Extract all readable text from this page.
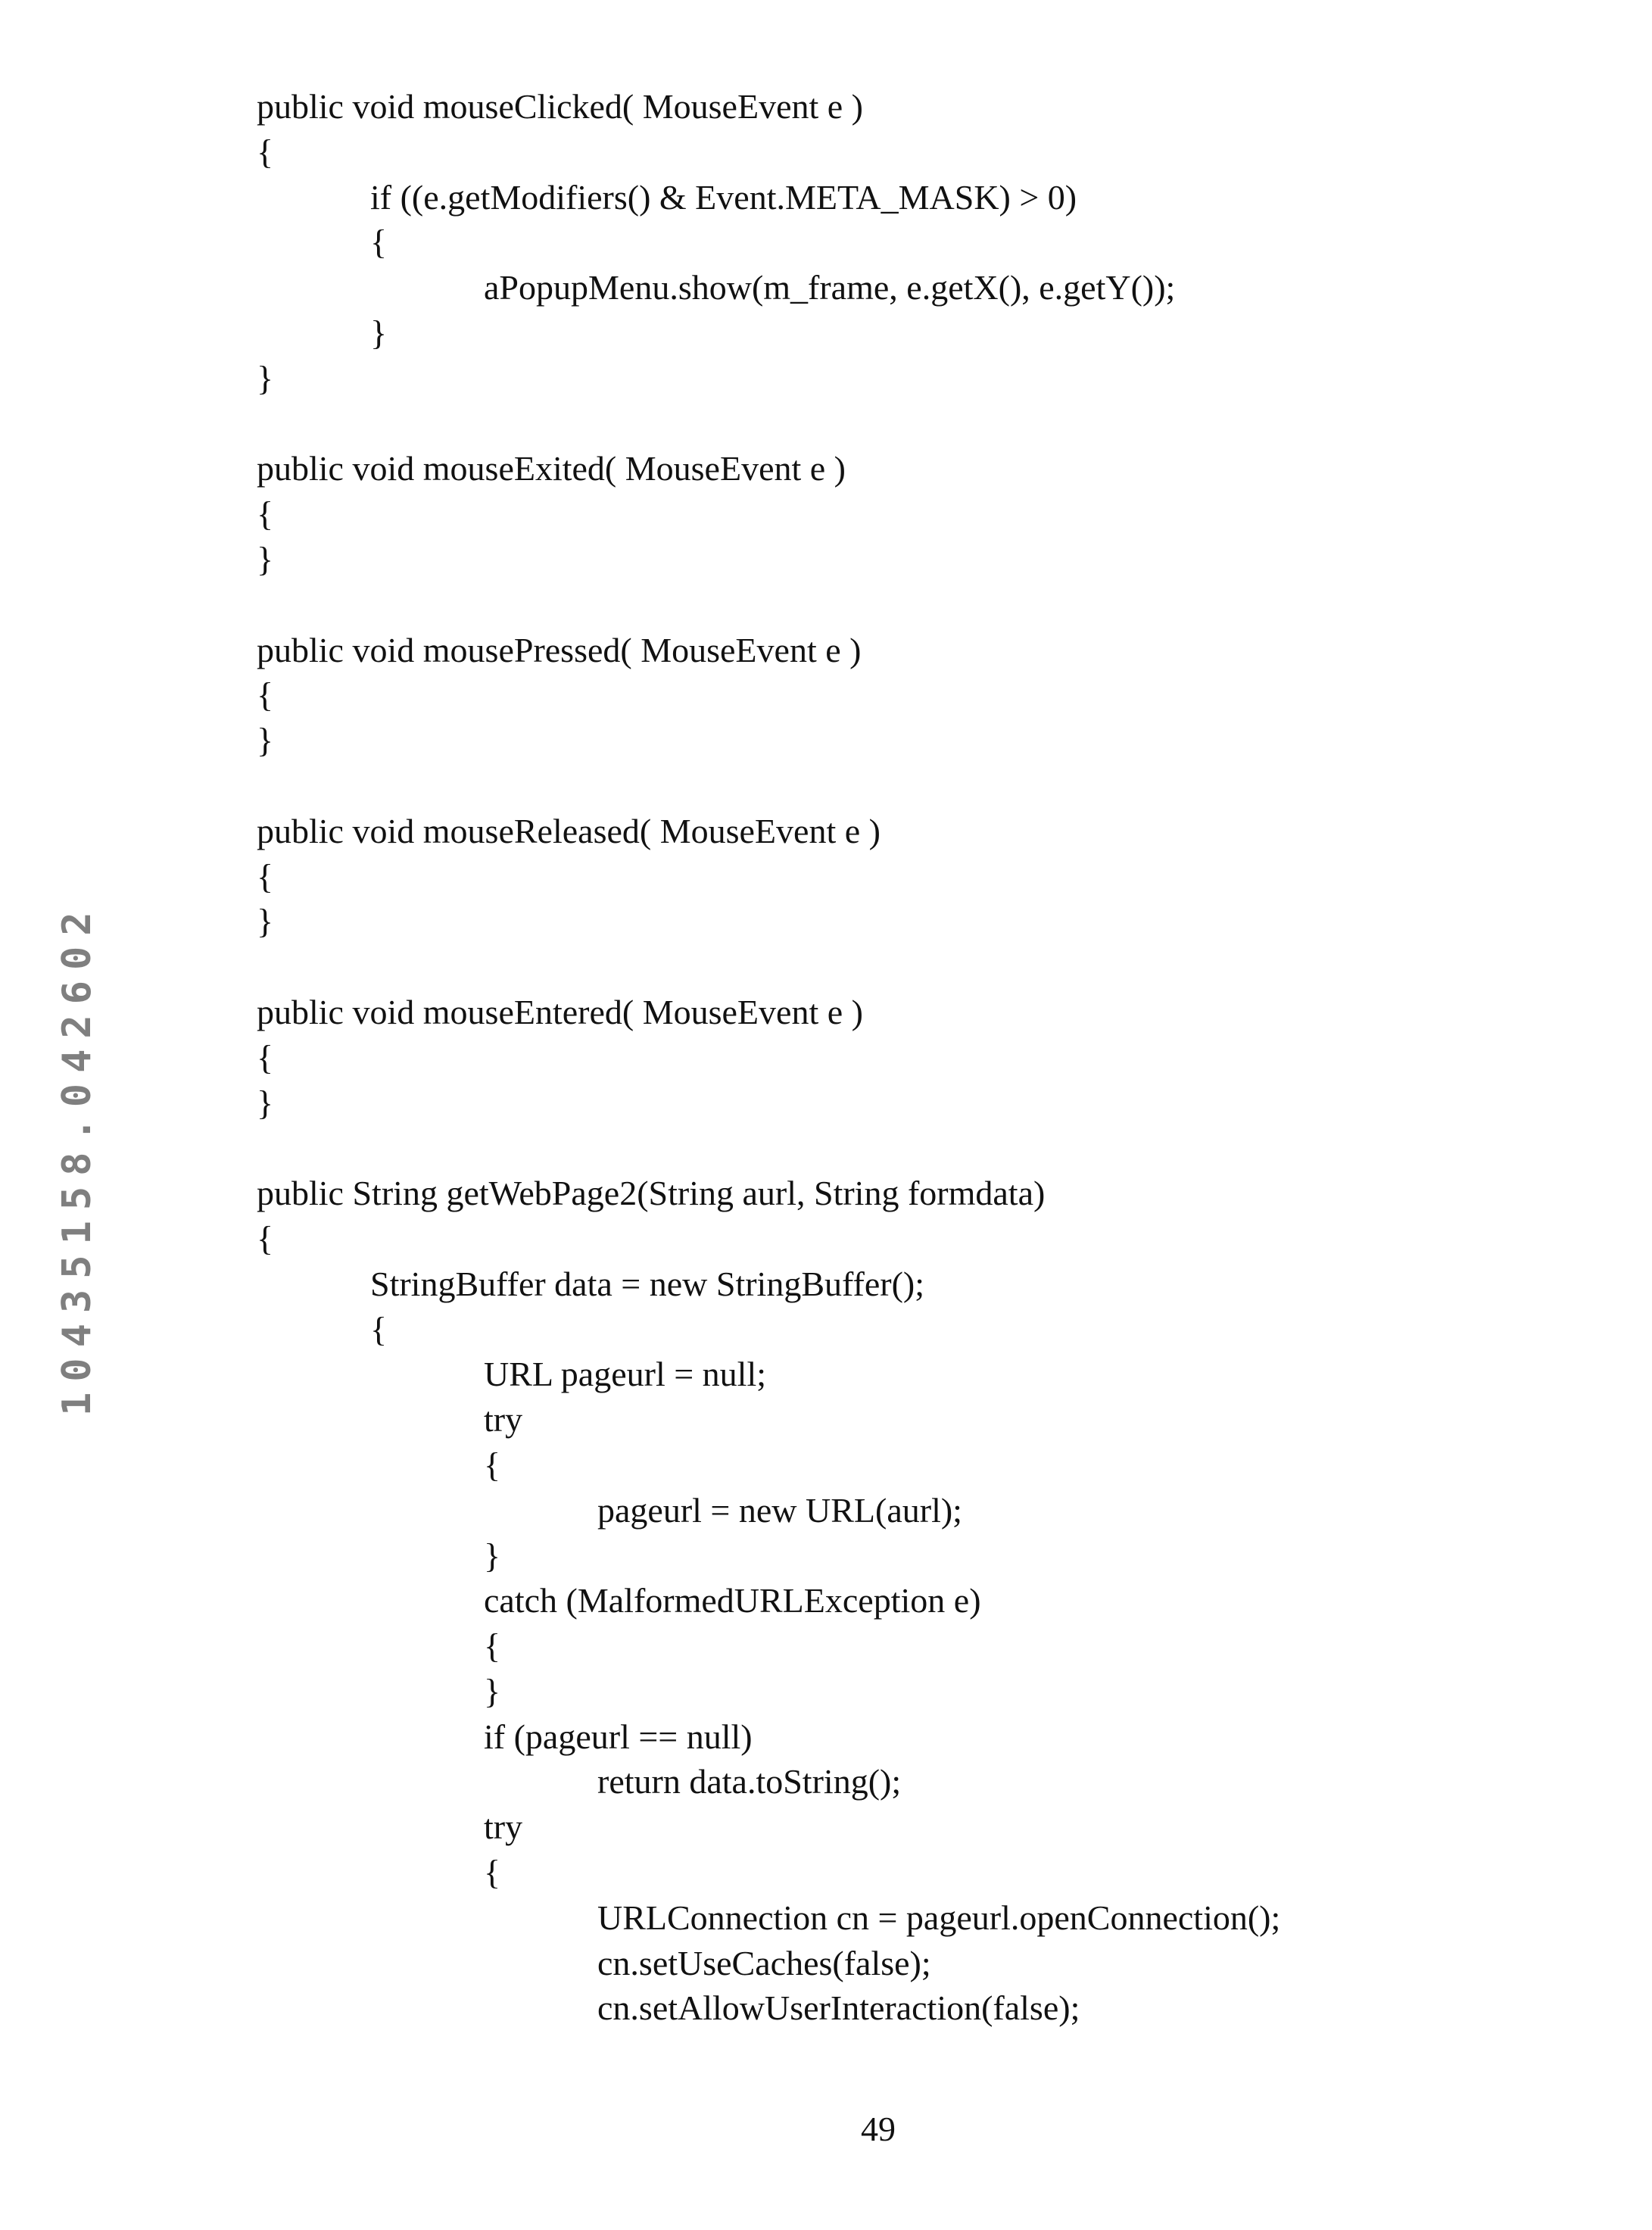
10435158.042602
public void mouseClicked( MouseEvent e )
{
if ((e.getModifiers() & Event.META_MASK) > 0)
{
aPopupMenu.show(m_frame, e.getX(), e.getY());
}
}
public void mouseExited( MouseEvent e )
{
}
public void mousePressed( MouseEvent e )
{
}
public void mouseReleased( MouseEvent e )
{
}
public void mouseEntered( MouseEvent e )
{
}
public String getWebPage2(String aurl, String formdata)
{
StringBuffer data = new StringBuffer();
{
URL pageurl = null;
try
{
pageurl = new URL(aurl);
}
catch (MalformedURLException e)
{
}
if (pageurl == null)
return data.toString();
try
{
URLConnection cn = pageurl.openConnection();
cn.setUseCaches(false);
cn.setAllowUserInteraction(false);
49
